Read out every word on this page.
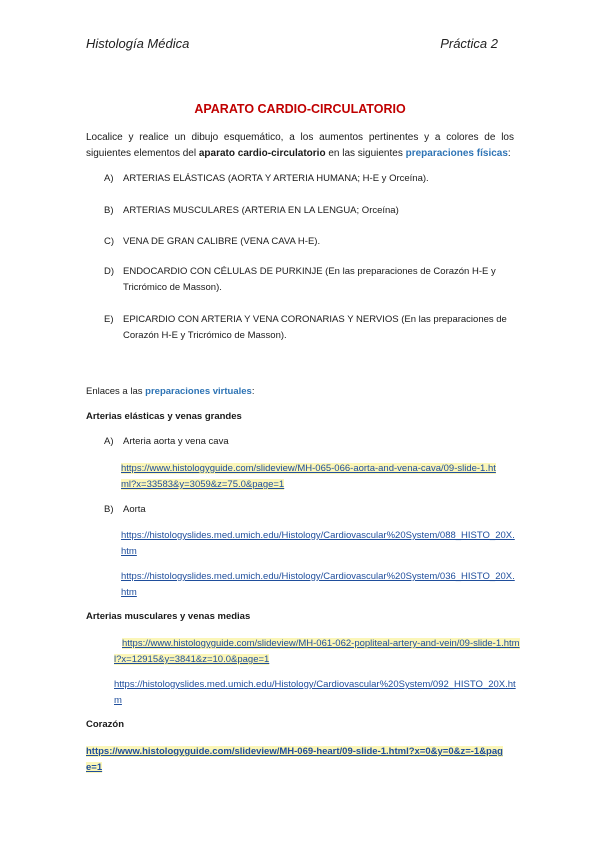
Histología Médica	Práctica 2
APARATO CARDIO-CIRCULATORIO
Localice y realice un dibujo esquemático, a los aumentos pertinentes y a colores de los siguientes elementos del aparato cardio-circulatorio en las siguientes preparaciones físicas:
A)	ARTERIAS ELÁSTICAS (AORTA Y ARTERIA HUMANA; H-E y Orceína).
B)	ARTERIAS MUSCULARES (ARTERIA EN LA LENGUA; Orceína)
C) VENA DE GRAN CALIBRE (VENA CAVA H-E).
D) ENDOCARDIO CON CÉLULAS DE PURKINJE (En las preparaciones de Corazón H-E y Tricrómico de Masson).
E)	EPICARDIO CON ARTERIA Y VENA CORONARIAS Y NERVIOS (En las preparaciones de Corazón H-E y Tricrómico de Masson).
Enlaces a las preparaciones virtuales:
Arterias elásticas y venas grandes
A)	Arteria aorta y vena cava
https://www.histologyguide.com/slideview/MH-065-066-aorta-and-vena-cava/09-slide-1.html?x=33583&y=3059&z=75.0&page=1
B)	Aorta
https://histologyslides.med.umich.edu/Histology/Cardiovascular%20System/088_HISTO_20X.htm
https://histologyslides.med.umich.edu/Histology/Cardiovascular%20System/036_HISTO_20X.htm
Arterias musculares y venas medias
https://www.histologyguide.com/slideview/MH-061-062-popliteal-artery-and-vein/09-slide-1.html?x=12915&y=3841&z=10.0&page=1
https://histologyslides.med.umich.edu/Histology/Cardiovascular%20System/092_HISTO_20X.htm
Corazón
https://www.histologyguide.com/slideview/MH-069-heart/09-slide-1.html?x=0&y=0&z=-1&page=1
